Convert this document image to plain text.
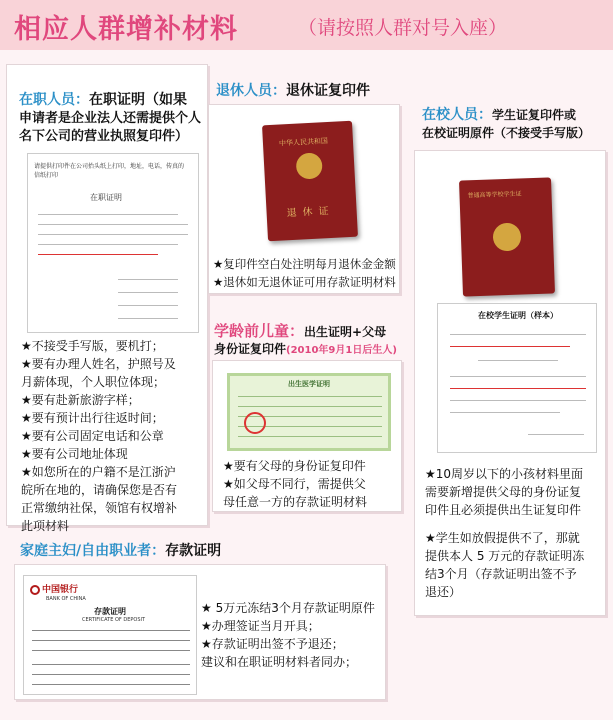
相应人群增补材料	（请按照人群对号入座）
在职人员：在职证明（如果
申请者是企业法人还需提供个人
名下公司的营业执照复印件）
请提供打印件在公司抬头纸上打印，地址，电话，传真的信纸打印
在职证明
★不接受手写版，要机打；
★要有办理人姓名，护照号及
月薪体现，个人职位体现；
★要有赴新旅游字样；
★要有预计出行往返时间；
★要有公司固定电话和公章
★要有公司地址体现
★如您所在的户籍不是江浙沪
皖所在地的，请确保您是否有
正常缴纳社保，领馆有权增补
此项材料
退休人员：退休证复印件
中华人民共和国
退休证
★复印件空白处注明每月退休金金额
★退休如无退休证可用存款证明材料
学龄前儿童：出生证明+父母
身份证复印件(2010年9月1日后生人)
出生医学证明
★要有父母的身份证复印件
★如父母不同行，需提供父
母任意一方的存款证明材料
在校人员：学生证复印件或
在校证明原件（不接受手写版）
普通高等学校学生证
在校学生证明（样本）
★10周岁以下的小孩材料里面
需要新增提供父母的身份证复
印件且必须提供出生证复印件
★学生如放假提供不了，那就
提供本人 5 万元的存款证明冻
结3个月（存款证明出签不予
退还）
家庭主妇/自由职业者：存款证明
中国银行
BANK OF CHINA
存款证明
CERTIFICATE OF DEPOSIT
★ 5万元冻结3个月存款证明原件
★办理签证当月开具；
★存款证明出签不予退还；
建议和在职证明材料者同办；
